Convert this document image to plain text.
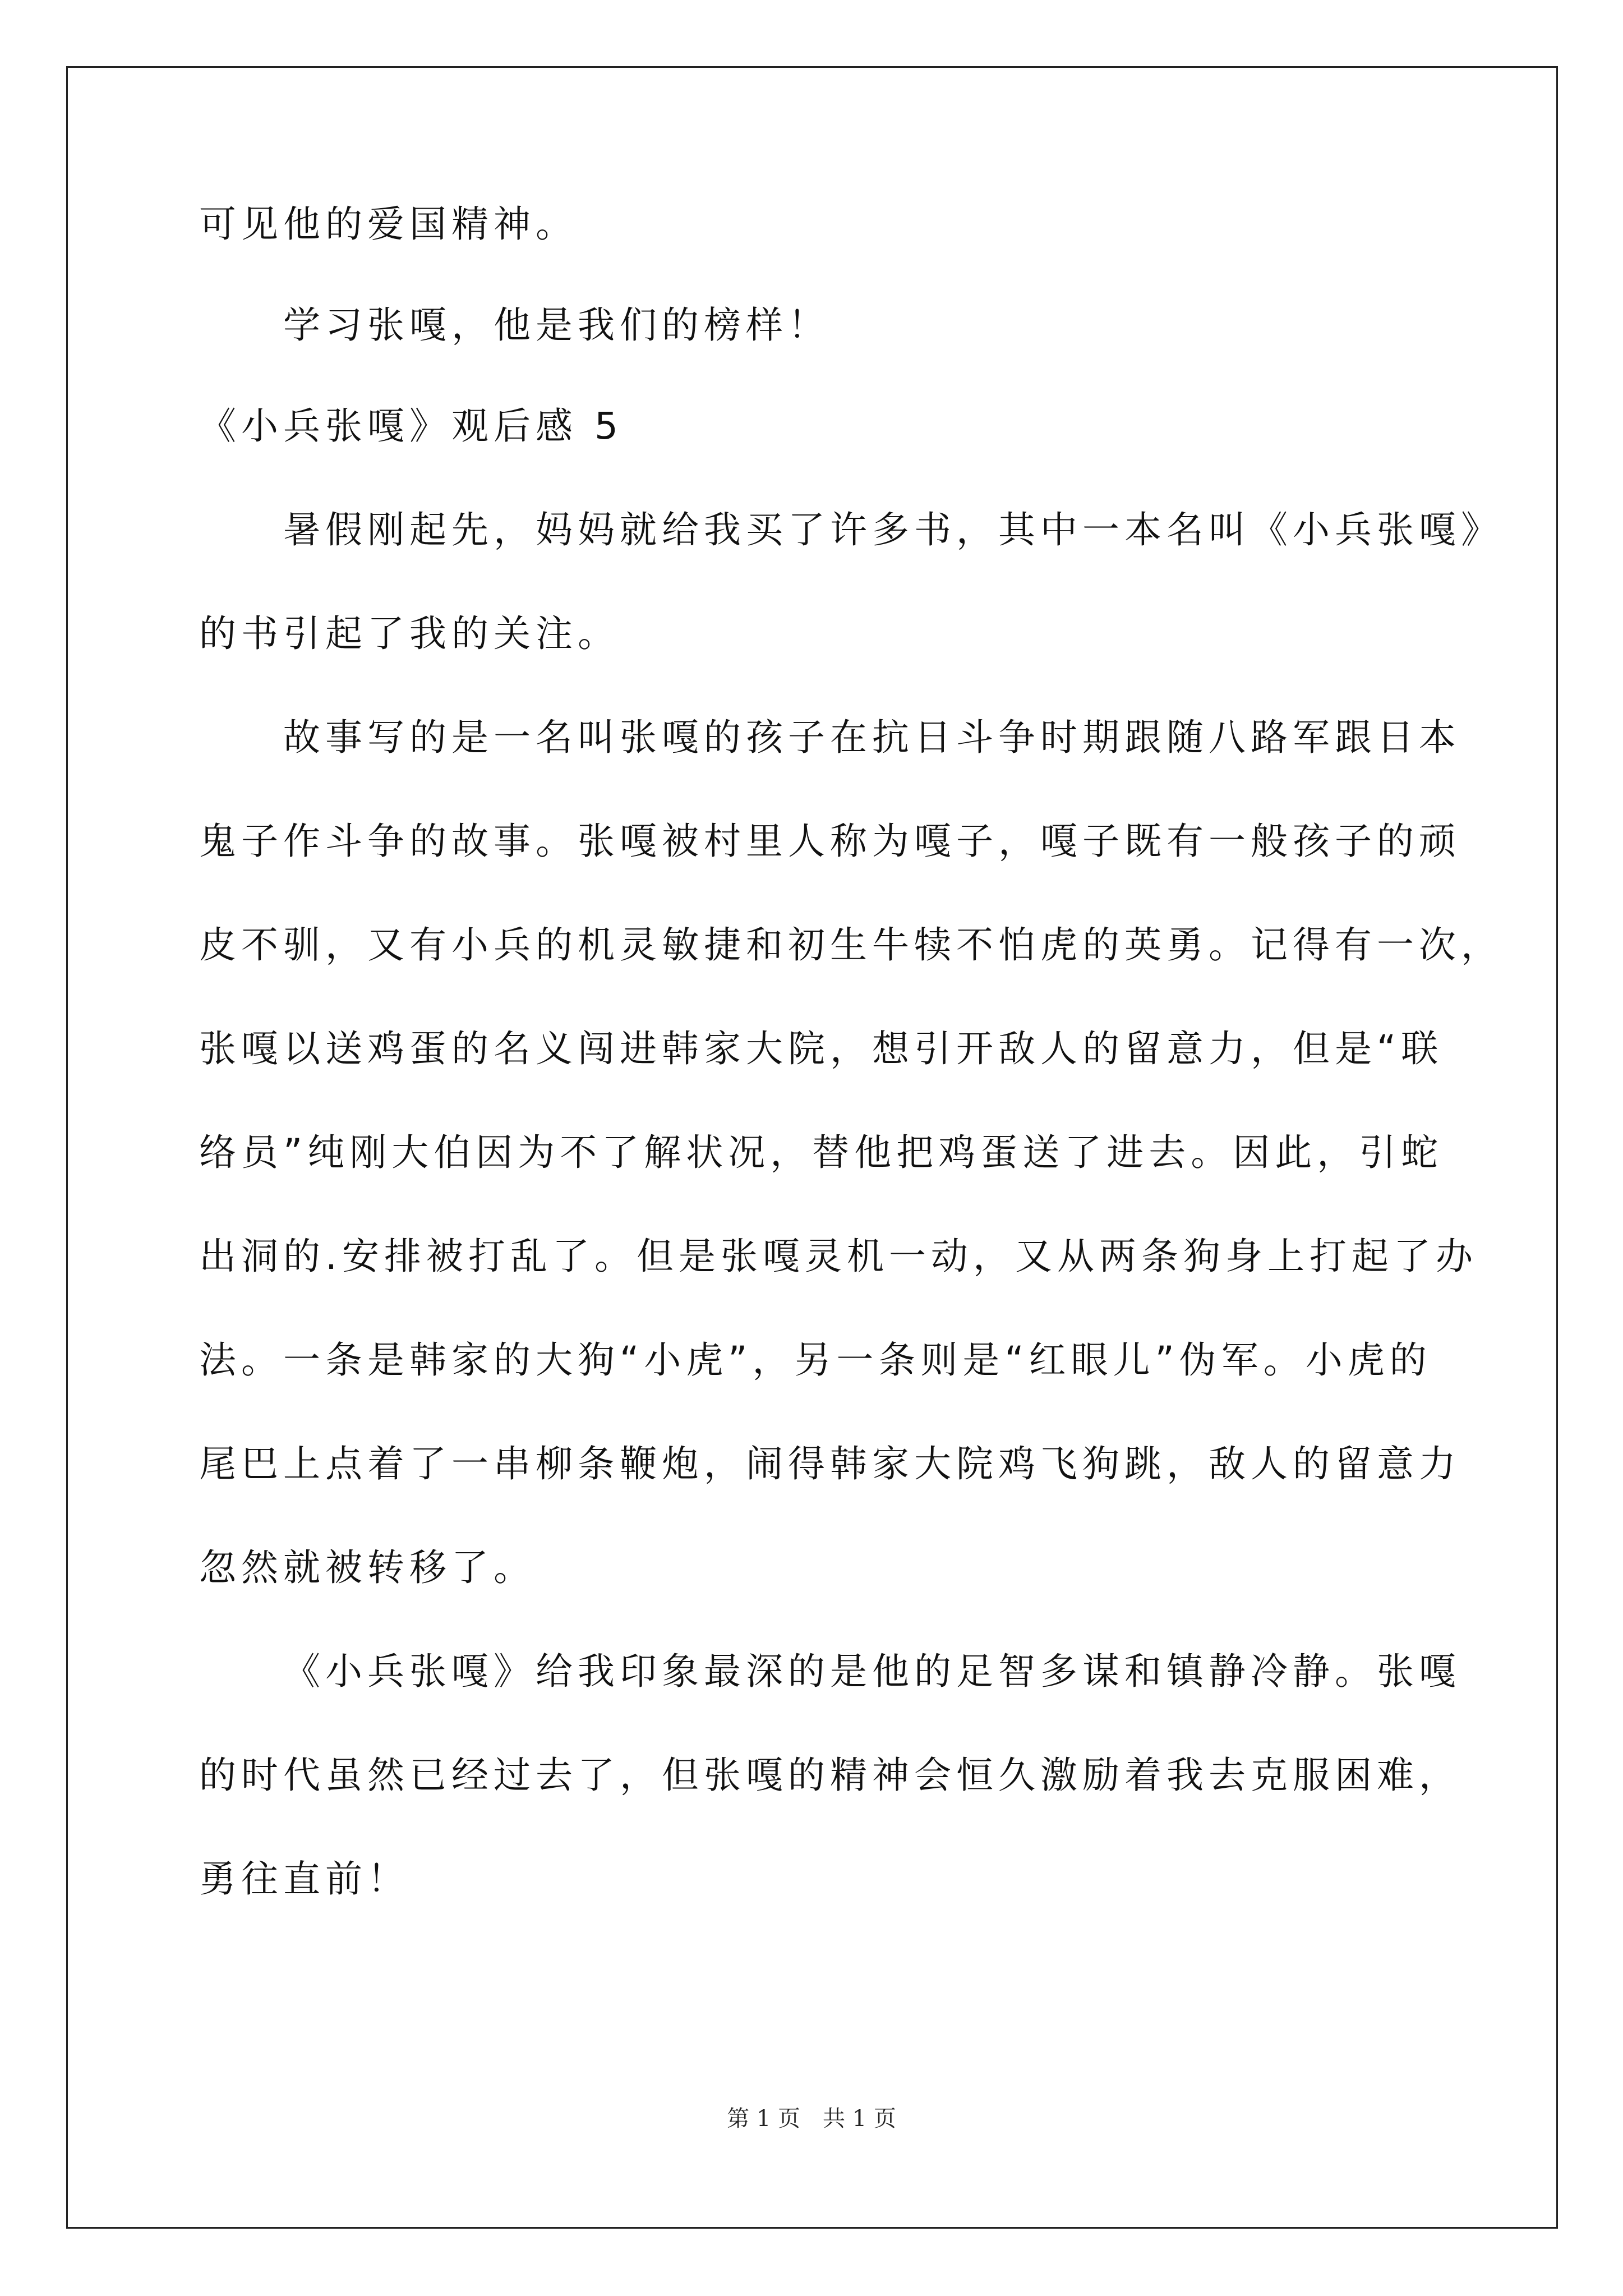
可见他的爱国精神。
学习张嘎，他是我们的榜样！
《小兵张嘎》观后感 5
暑假刚起先，妈妈就给我买了许多书，其中一本名叫《小兵张嘎》
的书引起了我的关注。
故事写的是一名叫张嘎的孩子在抗日斗争时期跟随八路军跟日本
鬼子作斗争的故事。张嘎被村里人称为嘎子，嘎子既有一般孩子的顽
皮不驯，又有小兵的机灵敏捷和初生牛犊不怕虎的英勇。记得有一次，
张嘎以送鸡蛋的名义闯进韩家大院，想引开敌人的留意力，但是“联
络员”纯刚大伯因为不了解状况，替他把鸡蛋送了进去。因此，引蛇
出洞的.安排被打乱了。但是张嘎灵机一动，又从两条狗身上打起了办
法。一条是韩家的大狗“小虎”，另一条则是“红眼儿”伪军。小虎的
尾巴上点着了一串柳条鞭炮，闹得韩家大院鸡飞狗跳，敌人的留意力
忽然就被转移了。
《小兵张嘎》给我印象最深的是他的足智多谋和镇静冷静。张嘎
的时代虽然已经过去了，但张嘎的精神会恒久激励着我去克服困难，
勇往直前！
第 1 页　共 1 页
